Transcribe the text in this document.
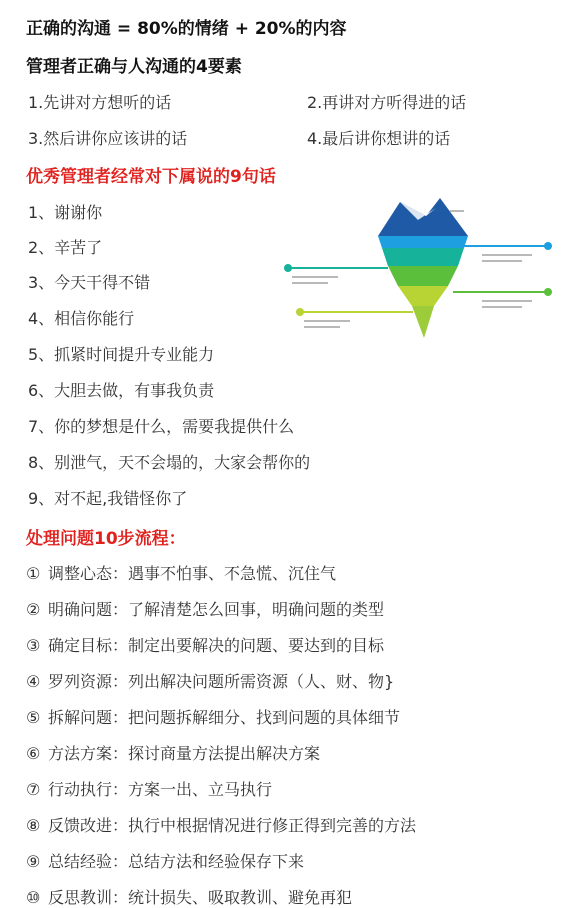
正确的沟通 = 80%的情绪 + 20%的内容
管理者正确与人沟通的4要素
1.先讲对方想听的话	2.再讲对方听得进的话
3.然后讲你应该讲的话	4.最后讲你想讲的话
优秀管理者经常对下属说的9句话
1、谢谢你
2、辛苦了
3、今天干得不错
4、相信你能行
5、抓紧时间提升专业能力
6、大胆去做，有事我负责
7、你的梦想是什么，需要我提供什么
8、别泄气，天不会塌的，大家会帮你的
9、对不起,我错怪你了
处理问题10步流程：
① 调整心态：遇事不怕事、不急慌、沉住气
② 明确问题：了解清楚怎么回事，明确问题的类型
③ 确定目标：制定出要解决的问题、要达到的目标
④ 罗列资源：列出解决问题所需资源（人、财、物}
⑤ 拆解问题：把问题拆解细分、找到问题的具体细节
⑥ 方法方案：探讨商量方法提出解决方案
⑦ 行动执行：方案一出、立马执行
⑧ 反馈改进：执行中根据情况进行修正得到完善的方法
⑨ 总结经验：总结方法和经验保存下来
⑩ 反思教训：统计损失、吸取教训、避免再犯
